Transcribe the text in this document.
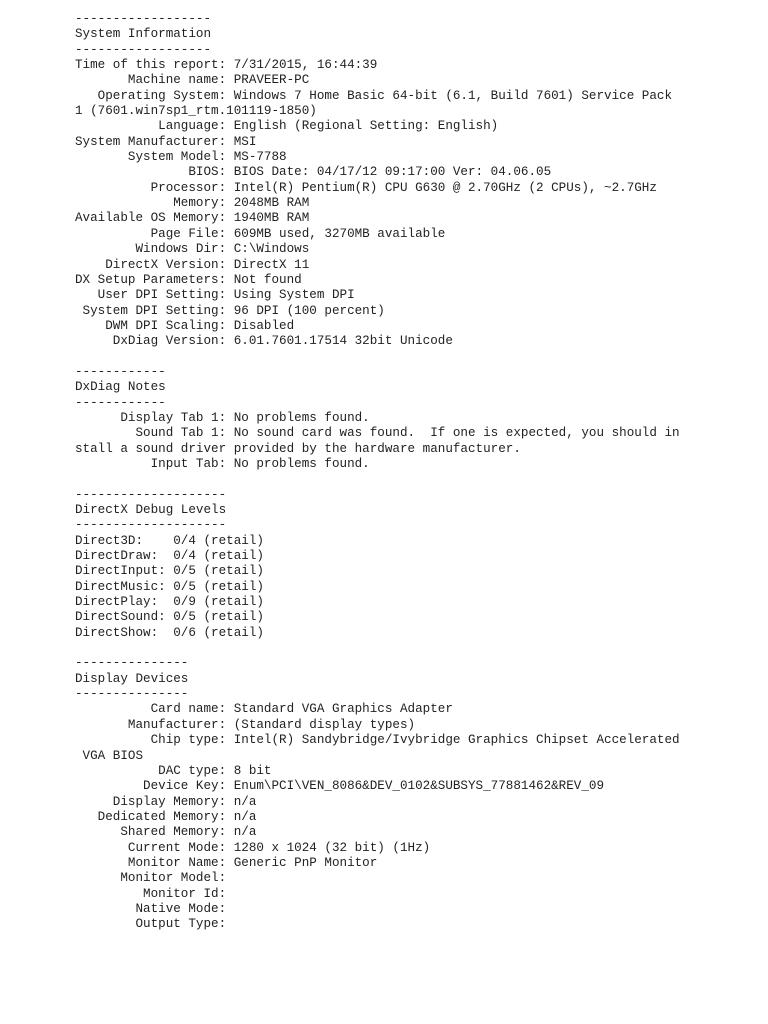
------------------
System Information
------------------
Time of this report: 7/31/2015, 16:44:39
Machine name: PRAVEER-PC
Operating System: Windows 7 Home Basic 64-bit (6.1, Build 7601) Service Pack
1 (7601.win7sp1_rtm.101119-1850)
Language: English (Regional Setting: English)
System Manufacturer: MSI
System Model: MS-7788
BIOS: BIOS Date: 04/17/12 09:17:00 Ver: 04.06.05
Processor: Intel(R) Pentium(R) CPU G630 @ 2.70GHz (2 CPUs), ~2.7GHz
Memory: 2048MB RAM
Available OS Memory: 1940MB RAM
Page File: 609MB used, 3270MB available
Windows Dir: C:\Windows
DirectX Version: DirectX 11
DX Setup Parameters: Not found
User DPI Setting: Using System DPI
System DPI Setting: 96 DPI (100 percent)
DWM DPI Scaling: Disabled
DxDiag Version: 6.01.7601.17514 32bit Unicode
------------
DxDiag Notes
------------
Display Tab 1: No problems found.
Sound Tab 1: No sound card was found.  If one is expected, you should in
stall a sound driver provided by the hardware manufacturer.
Input Tab: No problems found.
--------------------
DirectX Debug Levels
--------------------
Direct3D:    0/4 (retail)
DirectDraw:  0/4 (retail)
DirectInput: 0/5 (retail)
DirectMusic: 0/5 (retail)
DirectPlay:  0/9 (retail)
DirectSound: 0/5 (retail)
DirectShow:  0/6 (retail)
---------------
Display Devices
---------------
Card name: Standard VGA Graphics Adapter
Manufacturer: (Standard display types)
Chip type: Intel(R) Sandybridge/Ivybridge Graphics Chipset Accelerated
VGA BIOS
DAC type: 8 bit
Device Key: Enum\PCI\VEN_8086&DEV_0102&SUBSYS_77881462&REV_09
Display Memory: n/a
Dedicated Memory: n/a
Shared Memory: n/a
Current Mode: 1280 x 1024 (32 bit) (1Hz)
Monitor Name: Generic PnP Monitor
Monitor Model:
Monitor Id:
Native Mode:
Output Type:
